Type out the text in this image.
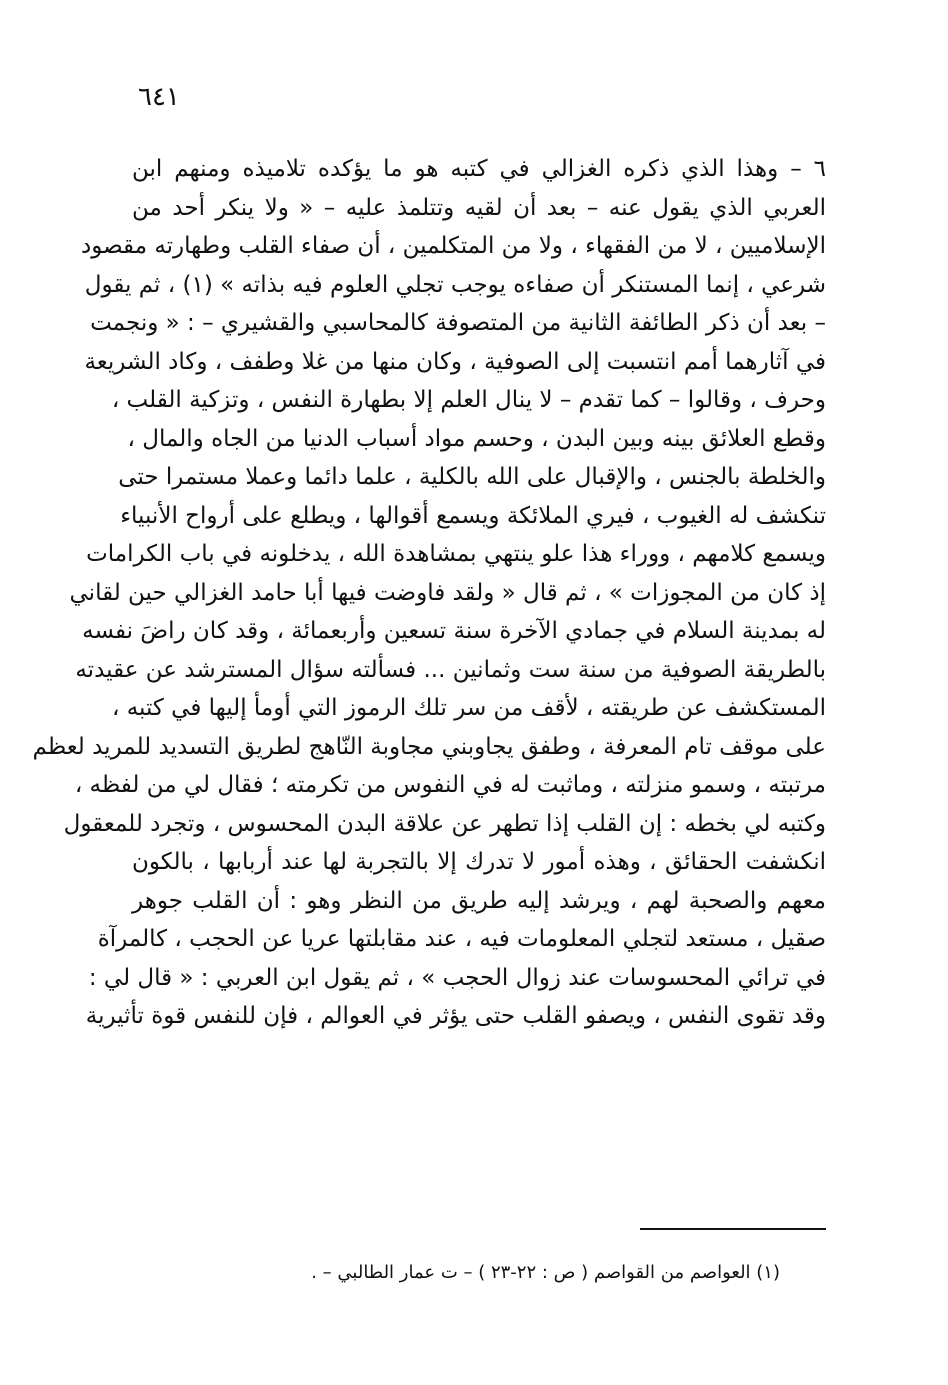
٦٤١
٦ – وهذا الذي ذكره الغزالي في كتبه هو ما يؤكده تلاميذه ومنهم ابن
العربي الذي يقول عنه – بعد أن لقيه وتتلمذ عليه – « ولا ينكر أحد من
الإسلاميين ، لا من الفقهاء ، ولا من المتكلمين ، أن صفاء القلب وطهارته مقصود
شرعي ، إنما المستنكر أن صفاءه يوجب تجلي العلوم فيه بذاته » (١) ، ثم يقول
– بعد أن ذكر الطائفة الثانية من المتصوفة كالمحاسبي والقشيري – : « ونجمت
في آثارهما أمم انتسبت إلى الصوفية ، وكان منها من غلا وطفف ، وكاد الشريعة
وحرف ، وقالوا – كما تقدم – لا ينال العلم إلا بطهارة النفس ، وتزكية القلب ،
وقطع العلائق بينه وبين البدن ، وحسم مواد أسباب الدنيا من الجاه والمال ،
والخلطة بالجنس ، والإقبال على الله بالكلية ، علما دائما وعملا مستمرا حتى
تنكشف له الغيوب ، فيري الملائكة ويسمع أقوالها ، ويطلع على أرواح الأنبياء
ويسمع كلامهم ، ووراء هذا علو ينتهي بمشاهدة الله ، يدخلونه في باب الكرامات
إذ كان من المجوزات » ، ثم قال « ولقد فاوضت فيها أبا حامد الغزالي حين لقاني
له بمدينة السلام في جمادي الآخرة سنة تسعين وأربعمائة ، وقد كان راضَ نفسه
بالطريقة الصوفية من سنة ست وثمانين ... فسألته سؤال المسترشد عن عقيدته
المستكشف عن طريقته ، لأقف من سر تلك الرموز التي أومأ إليها في كتبه ،
على موقف تام المعرفة ، وطفق يجاوبني مجاوبة النّاهج لطريق التسديد للمريد لعظم
مرتبته ، وسمو منزلته ، وماثبت له في النفوس من تكرمته ؛ فقال لي من لفظه ،
وكتبه لي بخطه : إن القلب إذا تطهر عن علاقة البدن المحسوس ، وتجرد للمعقول
انكشفت الحقائق ، وهذه أمور لا تدرك إلا بالتجربة لها عند أربابها ، بالكون
معهم والصحبة لهم ، ويرشد إليه طريق من النظر وهو : أن القلب جوهر
صقيل ، مستعد لتجلي المعلومات فيه ، عند مقابلتها عريا عن الحجب ، كالمرآة
في ترائي المحسوسات عند زوال الحجب » ، ثم يقول ابن العربي : « قال لي :
وقد تقوى النفس ، ويصفو القلب حتى يؤثر في العوالم ، فإن للنفس قوة تأثيرية
(١) العواصم من القواصم ( ص : ٢٢-٢٣ ) – ت عمار الطالبي – .
